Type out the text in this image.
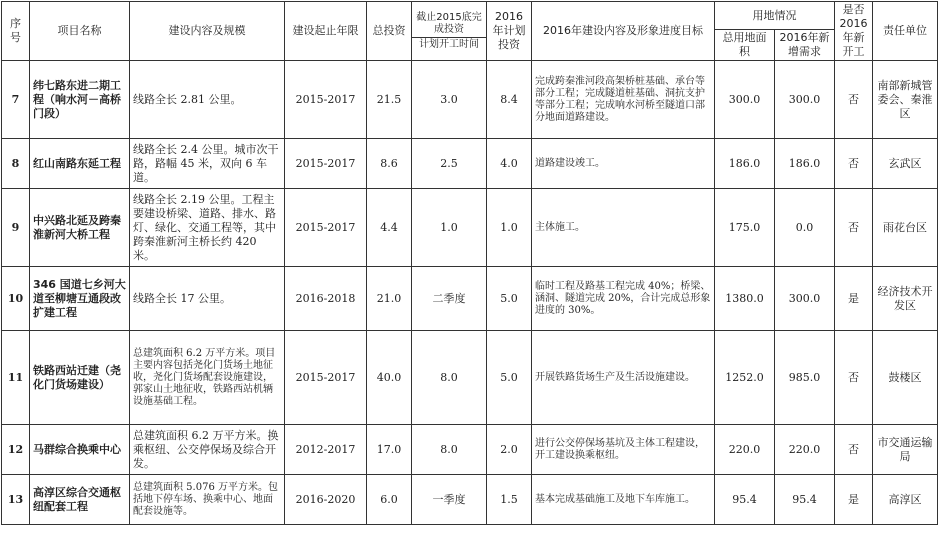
序号	项目名称	建设内容及规模	建设起止年限	总投资	截止2015底完成投资
计划开工时间	2016年计划投资	2016年建设内容及形象进度目标	用地情况		是否2016年新开工	责任单位
								总用地面积	2016年新增需求		
7	纬七路东进二期工程（响水河－高桥门段）	线路全长 2.81 公里。	2015-2017	21.5	3.0	8.4	完成跨秦淮河段高架桥桩基础、承台等部分工程；完成隧道桩基础、洞抗支护等部分工程；完成响水河桥至隧道口部分地面道路建设。	300.0	300.0	否	南部新城管委会、秦淮区
8	红山南路东延工程	线路全长 2.4 公里。城市次干路，路幅 45 米，双向 6 车道。	2015-2017	8.6	2.5	4.0	道路建设竣工。	186.0	186.0	否	玄武区
9	中兴路北延及跨秦淮新河大桥工程	线路全长 2.19 公里。工程主要建设桥梁、道路、排水、路灯、绿化、交通工程等，其中跨秦淮新河主桥长约 420 米。	2015-2017	4.4	1.0	1.0	主体施工。	175.0	0.0	否	雨花台区
10	346 国道七乡河大道至柳塘互通段改扩建工程	线路全长 17 公里。	2016-2018	21.0	二季度	5.0	临时工程及路基工程完成 40%；桥梁、涵洞、隧道完成 20%，合计完成总形象进度的 30%。	1380.0	300.0	是	经济技术开发区
11	铁路西站迁建（尧化门货场建设）	总建筑面积 6.2 万平方米。项目主要内容包括尧化门货场土地征收，尧化门货场配套设施建设，郭家山土地征收，铁路西站机辆设施基础工程。	2015-2017	40.0	8.0	5.0	开展铁路货场生产及生活设施建设。	1252.0	985.0	否	鼓楼区
12	马群综合换乘中心	总建筑面积 6.2 万平方米。换乘枢纽、公交停保场及综合开发。	2012-2017	17.0	8.0	2.0	进行公交停保场基坑及主体工程建设，开工建设换乘枢纽。	220.0	220.0	否	市交通运输局
13	高淳区综合交通枢纽配套工程	总建筑面积 5.076 万平方米。包括地下停车场、换乘中心、地面配套设施等。	2016-2020	6.0	一季度	1.5	基本完成基础施工及地下车库施工。	95.4	95.4	是	高淳区
